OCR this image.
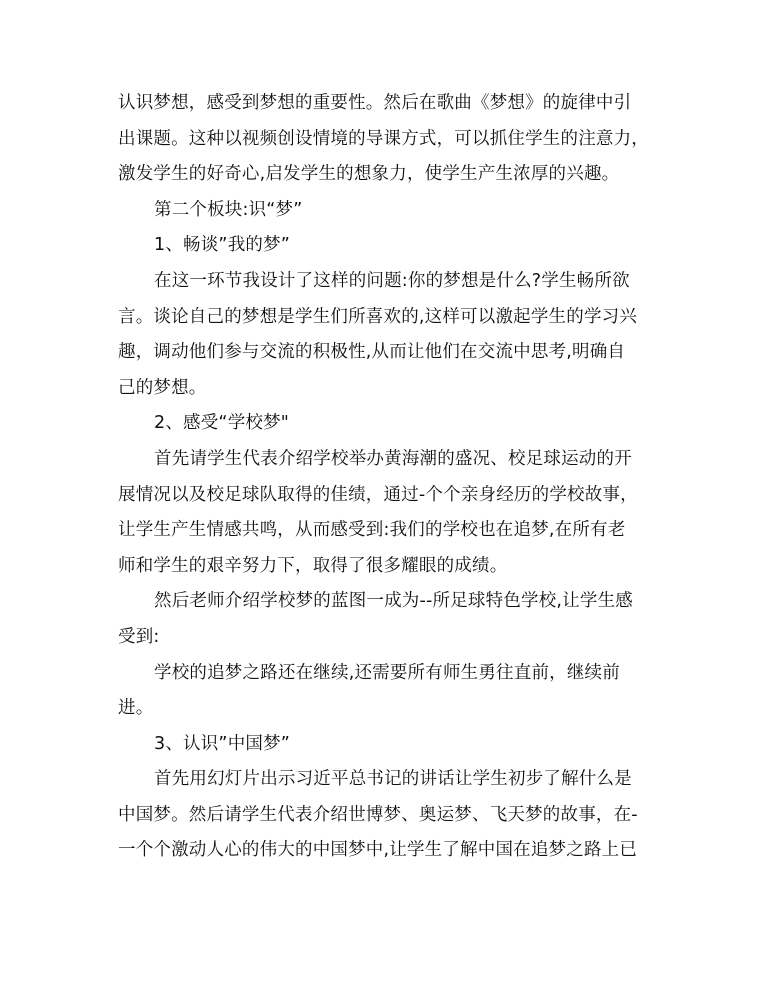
认识梦想，感受到梦想的重要性。然后在歌曲《梦想》的旋律中引
出课题。这种以视频创设情境的导课方式，可以抓住学生的注意力，
激发学生的好奇心,启发学生的想象力，使学生产生浓厚的兴趣。
第二个板块:识“梦”
1、畅谈”我的梦”
在这一环节我设计了这样的问题:你的梦想是什么?学生畅所欲
言。谈论自己的梦想是学生们所喜欢的,这样可以激起学生的学习兴
趣，调动他们参与交流的积极性,从而让他们在交流中思考,明确自
己的梦想。
2、感受“学校梦"
首先请学生代表介绍学校举办黄海潮的盛况、校足球运动的开
展情况以及校足球队取得的佳绩，通过-个个亲身经历的学校故事，
让学生产生情感共鸣，从而感受到:我们的学校也在追梦,在所有老
师和学生的艰辛努力下，取得了很多耀眼的成绩。
然后老师介绍学校梦的蓝图一成为--所足球特色学校,让学生感
受到:
学校的追梦之路还在继续,还需要所有师生勇往直前，继续前
进。
3、认识”中国梦”
首先用幻灯片出示习近平总书记的讲话让学生初步了解什么是
中国梦。然后请学生代表介绍世博梦、奥运梦、飞天梦的故事，在-
一个个激动人心的伟大的中国梦中,让学生了解中国在追梦之路上已
